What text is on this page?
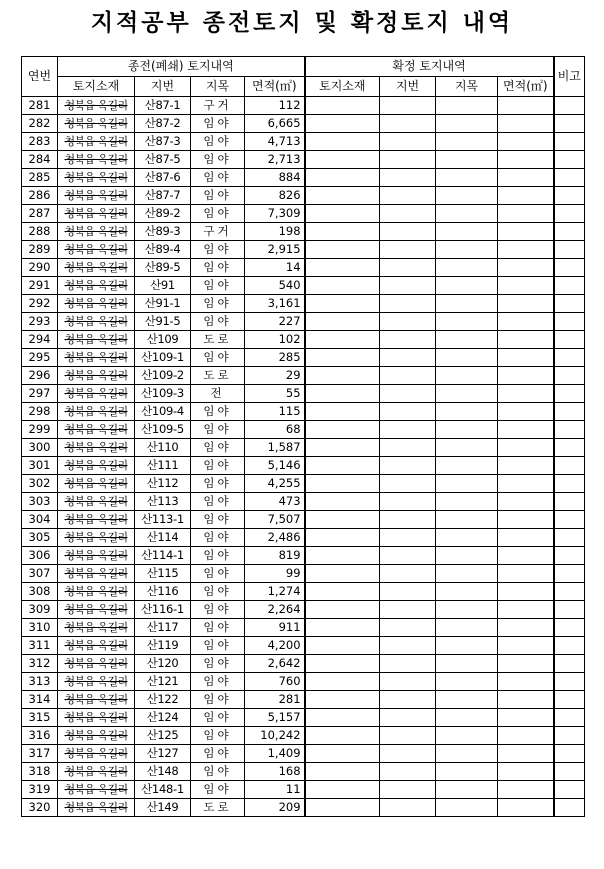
지적공부 종전토지 및 확정토지 내역
연번	종전(폐쇄) 토지내역				확정 토지내역				비고
	토지소재	지번	지목	면적(㎡)	토지소재	지번	지목	면적(㎡)	
281	청북읍 옥길리	산87-1	구거	112					
282	청북읍 옥길리	산87-2	임야	6,665					
283	청북읍 옥길리	산87-3	임야	4,713					
284	청북읍 옥길리	산87-5	임야	2,713					
285	청북읍 옥길리	산87-6	임야	884					
286	청북읍 옥길리	산87-7	임야	826					
287	청북읍 옥길리	산89-2	임야	7,309					
288	청북읍 옥길리	산89-3	구거	198					
289	청북읍 옥길리	산89-4	임야	2,915					
290	청북읍 옥길리	산89-5	임야	14					
291	청북읍 옥길리	산91	임야	540					
292	청북읍 옥길리	산91-1	임야	3,161					
293	청북읍 옥길리	산91-5	임야	227					
294	청북읍 옥길리	산109	도로	102					
295	청북읍 옥길리	산109-1	임야	285					
296	청북읍 옥길리	산109-2	도로	29					
297	청북읍 옥길리	산109-3	전	55					
298	청북읍 옥길리	산109-4	임야	115					
299	청북읍 옥길리	산109-5	임야	68					
300	청북읍 옥길리	산110	임야	1,587					
301	청북읍 옥길리	산111	임야	5,146					
302	청북읍 옥길리	산112	임야	4,255					
303	청북읍 옥길리	산113	임야	473					
304	청북읍 옥길리	산113-1	임야	7,507					
305	청북읍 옥길리	산114	임야	2,486					
306	청북읍 옥길리	산114-1	임야	819					
307	청북읍 옥길리	산115	임야	99					
308	청북읍 옥길리	산116	임야	1,274					
309	청북읍 옥길리	산116-1	임야	2,264					
310	청북읍 옥길리	산117	임야	911					
311	청북읍 옥길리	산119	임야	4,200					
312	청북읍 옥길리	산120	임야	2,642					
313	청북읍 옥길리	산121	임야	760					
314	청북읍 옥길리	산122	임야	281					
315	청북읍 옥길리	산124	임야	5,157					
316	청북읍 옥길리	산125	임야	10,242					
317	청북읍 옥길리	산127	임야	1,409					
318	청북읍 옥길리	산148	임야	168					
319	청북읍 옥길리	산148-1	임야	11					
320	청북읍 옥길리	산149	도로	209					
